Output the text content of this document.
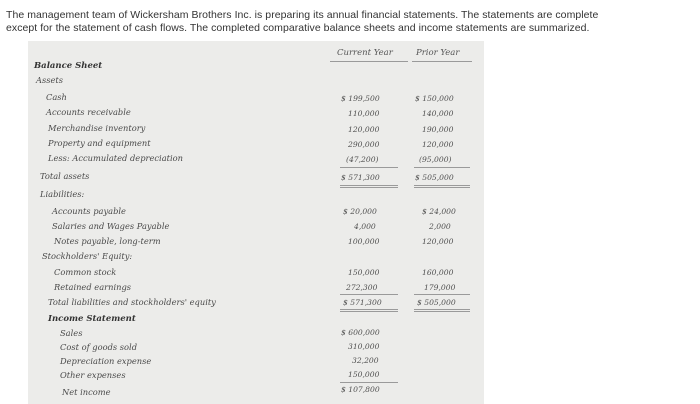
The management team of Wickersham Brothers Inc. is preparing its annual financial statements. The statements are complete
except for the statement of cash flows. The completed comparative balance sheets and income statements are summarized.
Current Year	Prior Year
Balance Sheet
Assets
Cash	$ 199,500	$ 150,000
Accounts receivable	110,000	140,000
Merchandise inventory	120,000	190,000
Property and equipment	290,000	120,000
Less: Accumulated depreciation	(47,200)	(95,000)
Total assets	$ 571,300	$ 505,000
Liabilities:
Accounts payable	$ 20,000	$ 24,000
Salaries and Wages Payable	4,000	2,000
Notes payable, long-term	100,000	120,000
Stockholders' Equity:
Common stock	150,000	160,000
Retained earnings	272,300	179,000
Total liabilities and stockholders' equity	$ 571,300	$ 505,000
Income Statement
Sales	$ 600,000
Cost of goods sold	310,000
Depreciation expense	32,200
Other expenses	150,000
Net income	$ 107,800
